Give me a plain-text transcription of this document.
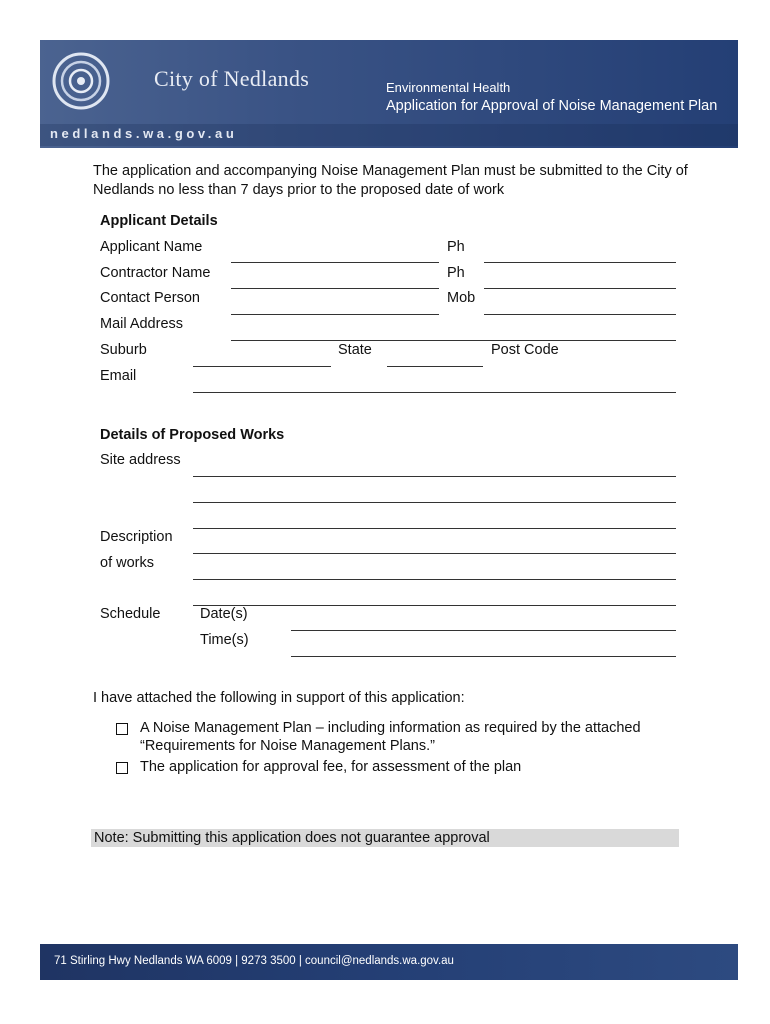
City of Nedlands	Environmental Health
Application for Approval of Noise Management Plan
nedlands.wa.gov.au
The application and accompanying Noise Management Plan must be submitted to the City of Nedlands no less than 7 days prior to the proposed date of work
Applicant Details
Applicant Name	Ph
Contractor Name	Ph
Contact Person	Mob
Mail Address
Suburb	State	Post Code
Email
Details of Proposed Works
Site address
Description
of works
Schedule	Date(s)
Time(s)
I have attached the following in support of this application:
A Noise Management Plan – including information as required by the attached
“Requirements for Noise Management Plans.”
The application for approval fee, for assessment of the plan
Note: Submitting this application does not guarantee approval
71 Stirling Hwy Nedlands WA 6009 | 9273 3500 | council@nedlands.wa.gov.au
